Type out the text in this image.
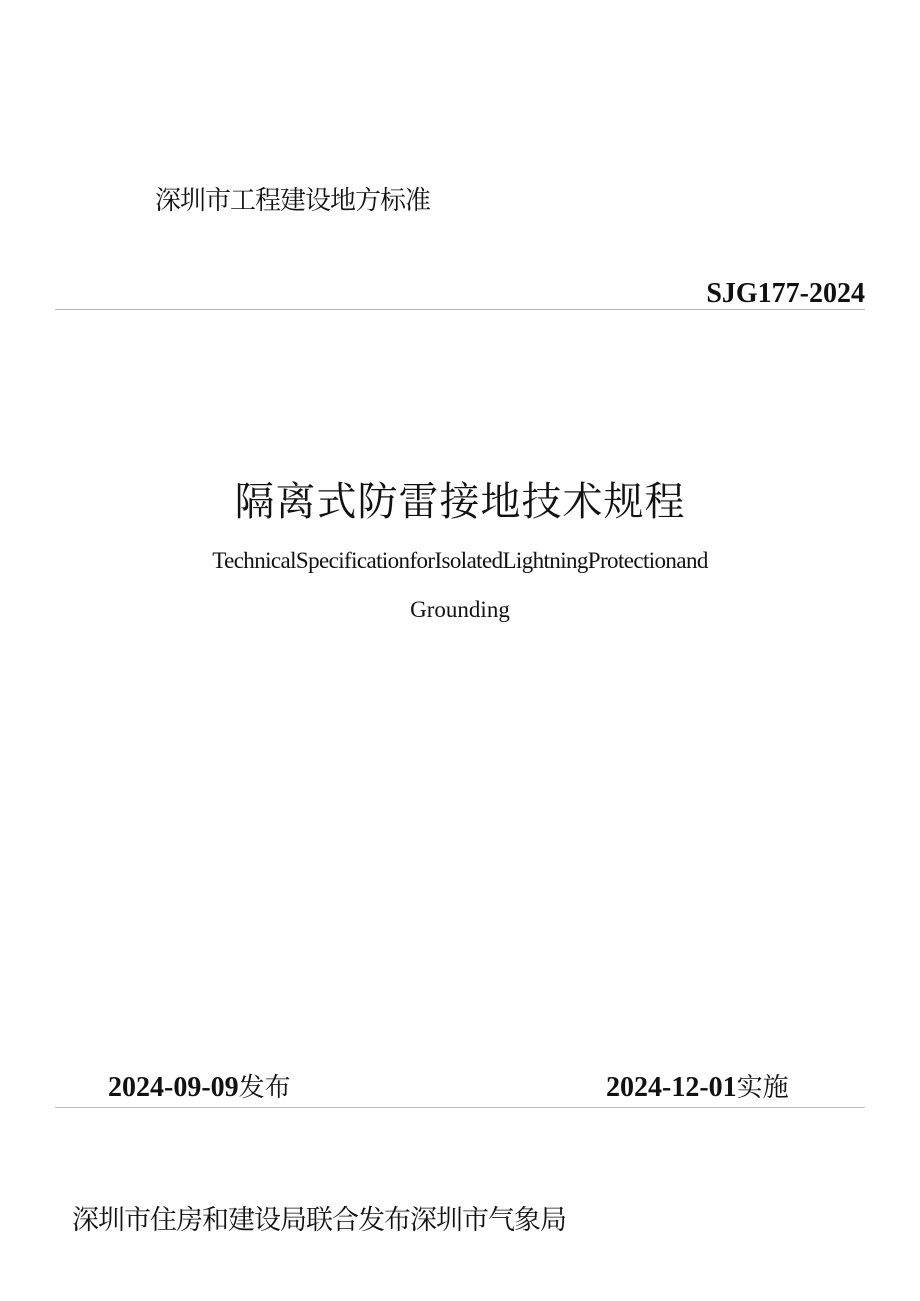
深圳市工程建设地方标准
SJG177-2024
隔离式防雷接地技术规程
TechnicalSpecificationforIsolatedLightningProtectionand
Grounding
2024-09-09发布	2024-12-01实施
深圳市住房和建设局联合发布深圳市气象局
